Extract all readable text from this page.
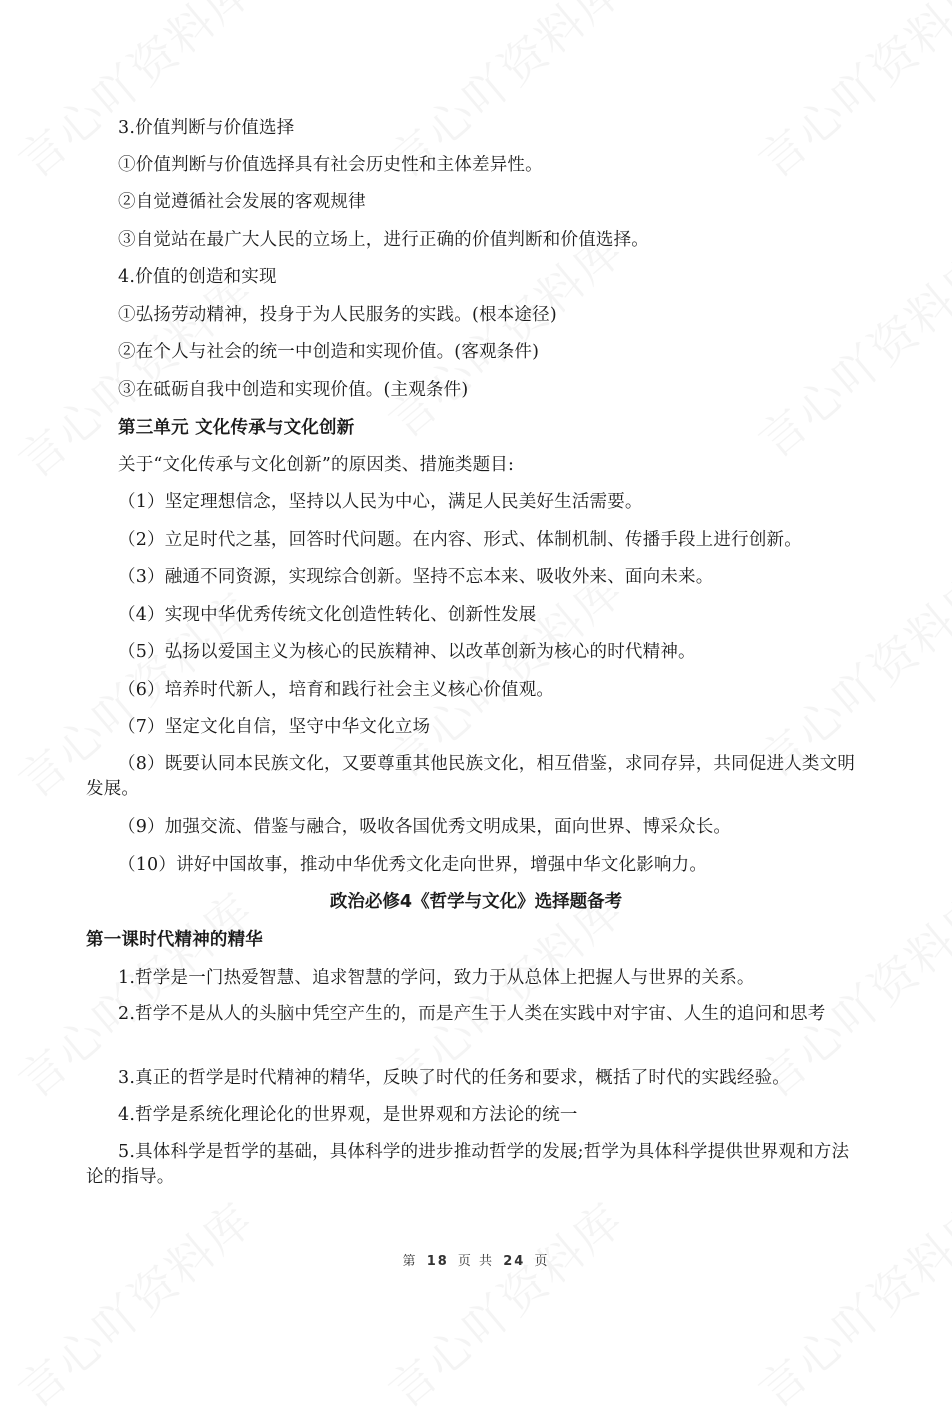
3.价值判断与价值选择
①价值判断与价值选择具有社会历史性和主体差异性。
②自觉遵循社会发展的客观规律
③自觉站在最广大人民的立场上，进行正确的价值判断和价值选择。
4.价值的创造和实现
①弘扬劳动精神，投身于为人民服务的实践。(根本途径)
②在个人与社会的统一中创造和实现价值。(客观条件)
③在砥砺自我中创造和实现价值。(主观条件)
第三单元 文化传承与文化创新
关于“文化传承与文化创新”的原因类、措施类题目:
（1）坚定理想信念，坚持以人民为中心，满足人民美好生活需要。
（2）立足时代之基，回答时代问题。在内容、形式、体制机制、传播手段上进行创新。
（3）融通不同资源，实现综合创新。坚持不忘本来、吸收外来、面向未来。
（4）实现中华优秀传统文化创造性转化、创新性发展
（5）弘扬以爱国主义为核心的民族精神、以改革创新为核心的时代精神。
（6）培养时代新人，培育和践行社会主义核心价值观。
（7）坚定文化自信，坚守中华文化立场
（8）既要认同本民族文化，又要尊重其他民族文化，相互借鉴，求同存异，共同促进人类文明发展。
（9）加强交流、借鉴与融合，吸收各国优秀文明成果，面向世界、博采众长。
（10）讲好中国故事，推动中华优秀文化走向世界，增强中华文化影响力。
政治必修4《哲学与文化》选择题备考
第一课时代精神的精华
1.哲学是一门热爱智慧、追求智慧的学问，致力于从总体上把握人与世界的关系。
2.哲学不是从人的头脑中凭空产生的，而是产生于人类在实践中对宇宙、人生的追问和思考
3.真正的哲学是时代精神的精华，反映了时代的任务和要求，概括了时代的实践经验。
4.哲学是系统化理论化的世界观，是世界观和方法论的统一
5.具体科学是哲学的基础，具体科学的进步推动哲学的发展;哲学为具体科学提供世界观和方法论的指导。
第 18 页 共 24 页
